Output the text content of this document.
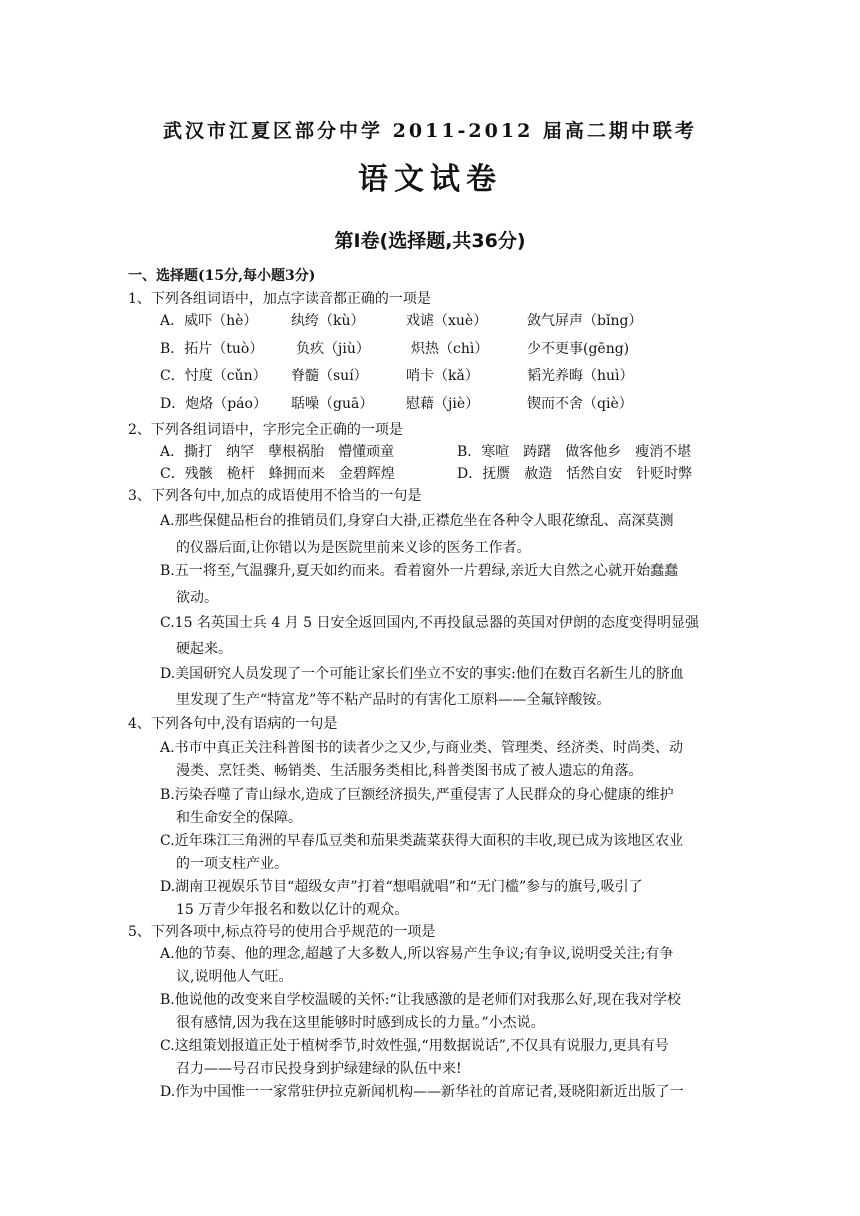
武汉市江夏区部分中学 2011-2012 届高二期中联考
语文试卷
第Ⅰ卷(选择题,共36分)
一、选择题(15分,每小题3分)
1、下列各组词语中，加点字读音都正确的一项是
A．威吓（hè） 纨绔（kù）	戏谑（xuè）	敛气屏声（bǐng）
B．拓片（tuò） 负疚（jiù）	炽热（chì）	少不更事(gēng)
C．忖度（cǔn） 脊髓（suí）	哨卡（kǎ）	韬光养晦（huì）
D．炮烙（páo） 聒噪（guā） 慰藉（jiè）	锲而不舍（qiè）
2、下列各组词语中，字形完全正确的一项是
A．撕打　纳罕　孽根祸胎　懵懂顽童	B．寒喧　踌躇　做客他乡　瘦消不堪
C．残骸　桅杆　蜂拥而来　金碧辉煌	D．抚赝　赦造　恬然自安　针贬时弊
3、下列各句中,加点的成语使用不恰当的一句是
A.那些保健品柜台的推销员们,身穿白大褂,正襟危坐在各种令人眼花缭乱、高深莫测
的仪器后面,让你错以为是医院里前来义诊的医务工作者。
B.五一将至,气温骤升,夏天如约而来。看着窗外一片碧绿,亲近大自然之心就开始蠢蠢
欲动。
C.15 名英国士兵 4 月 5 日安全返回国内,不再投鼠忌器的英国对伊朗的态度变得明显强
硬起来。
D.美国研究人员发现了一个可能让家长们坐立不安的事实:他们在数百名新生儿的脐血
里发现了生产“特富龙”等不粘产品时的有害化工原料——全氟锌酸铵。
4、下列各句中,没有语病的一句是
A.书市中真正关注科普图书的读者少之又少,与商业类、管理类、经济类、时尚类、动
漫类、烹饪类、畅销类、生活服务类相比,科普类图书成了被人遗忘的角落。
B.污染吞噬了青山绿水,造成了巨额经济损失,严重侵害了人民群众的身心健康的维护
和生命安全的保障。
C.近年珠江三角洲的早春瓜豆类和茄果类蔬菜获得大面积的丰收,现已成为该地区农业
的一项支柱产业。
D.湖南卫视娱乐节目“超级女声”打着“想唱就唱”和“无门槛”参与的旗号,吸引了
15 万青少年报名和数以亿计的观众。
5、下列各项中,标点符号的使用合乎规范的一项是
A.他的节奏、他的理念,超越了大多数人,所以容易产生争议;有争议,说明受关注;有争
议,说明他人气旺。
B.他说他的改变来自学校温暖的关怀:“让我感激的是老师们对我那么好,现在我对学校
很有感情,因为我在这里能够时时感到成长的力量。”小杰说。
C.这组策划报道正处于植树季节,时效性强,“用数据说话”,不仅具有说服力,更具有号
召力——号召市民投身到护绿建绿的队伍中来!
D.作为中国惟一一家常驻伊拉克新闻机构——新华社的首席记者,聂晓阳新近出版了一
